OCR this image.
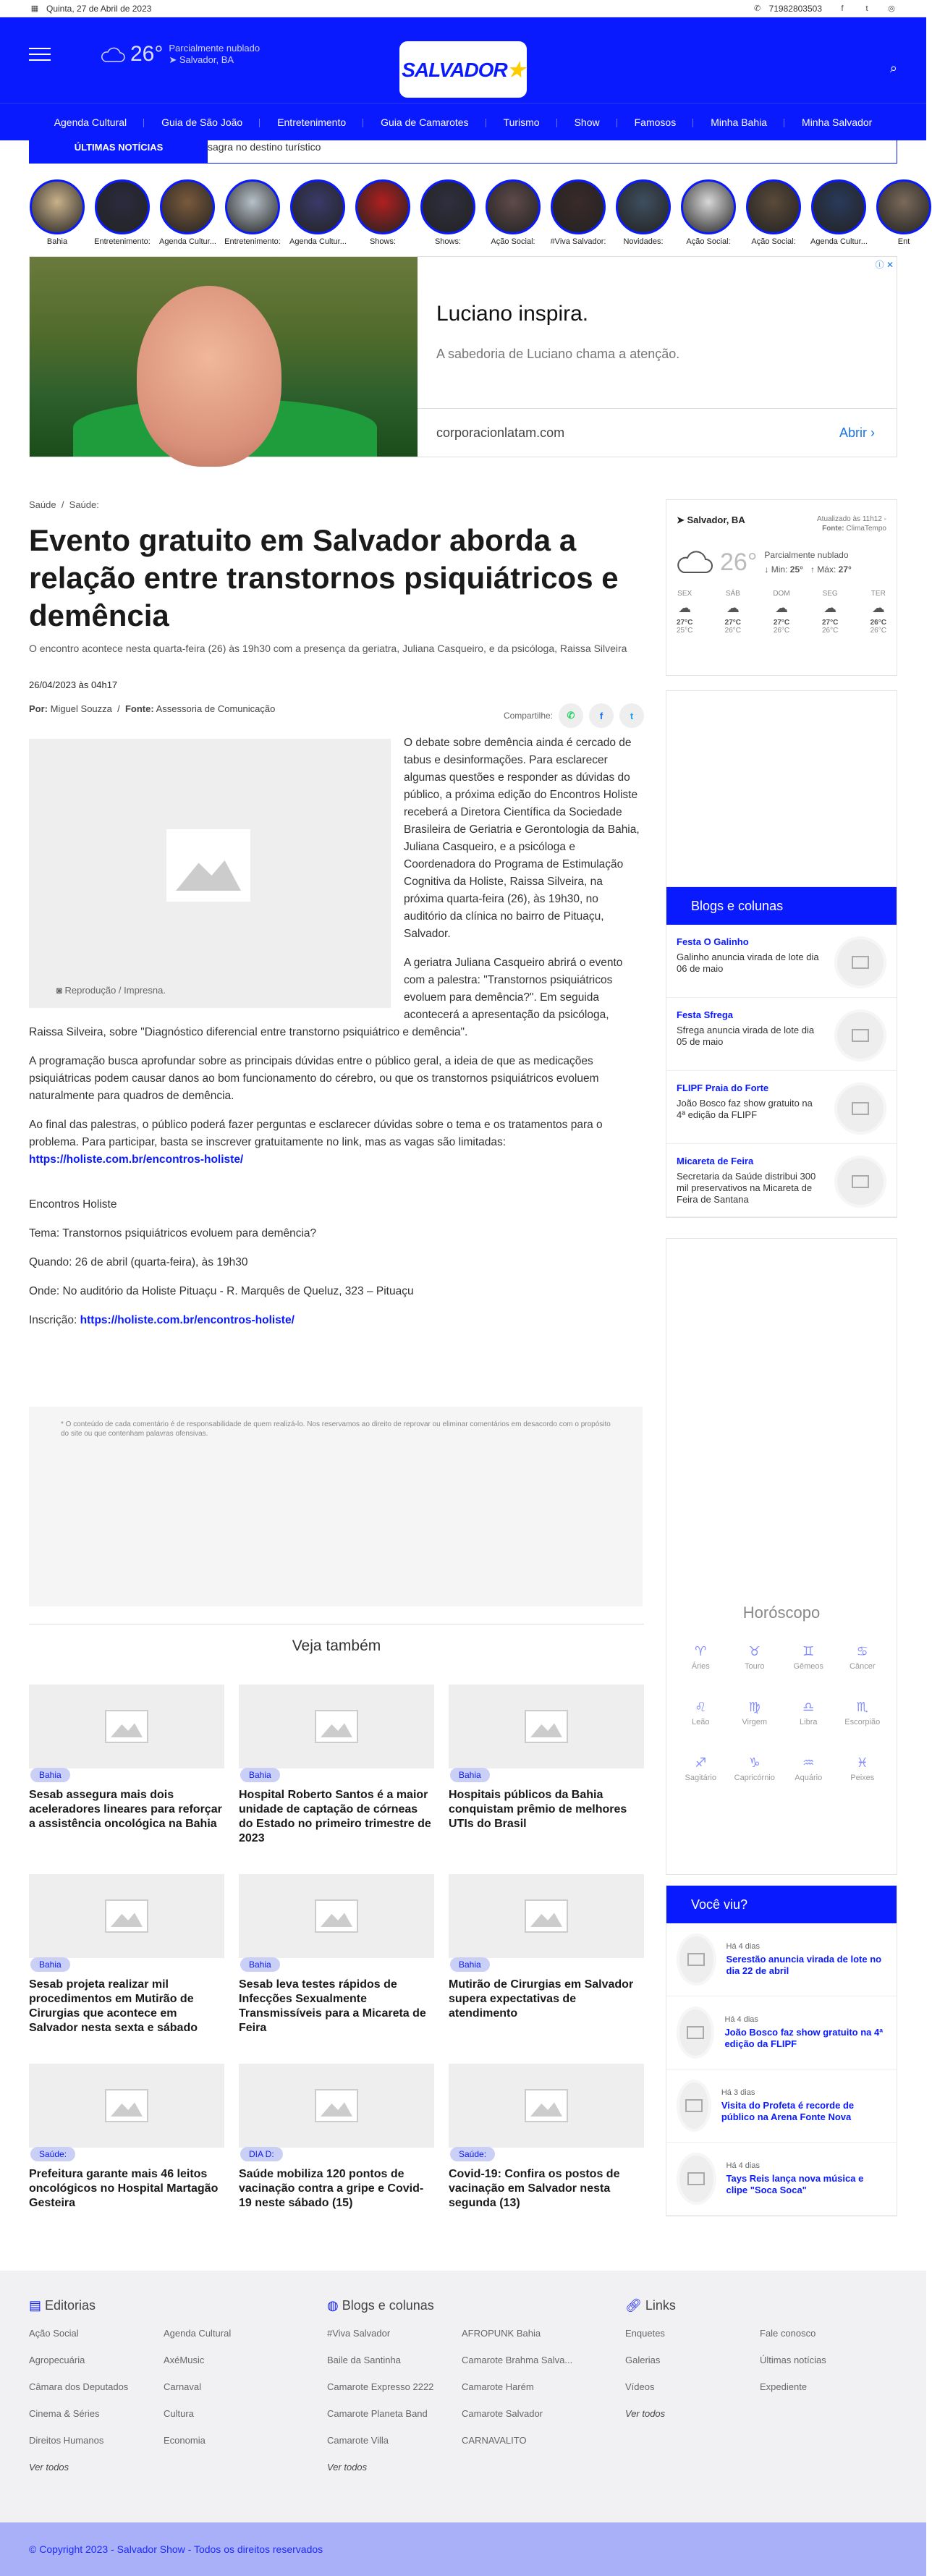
▦ Quinta, 27 de Abril de 2023	✆ 71982803503	f	t	◎
26° Parcialmente nublado
➤ Salvador, BA	SALVADOR★	⌕
Agenda Cultural	Guia de São João	Entretenimento	Guia de Camarotes	Turismo	Show	Famosos	Minha Bahia	Minha Salvador
ÚLTIMAS NOTÍCIAS	sagra no destino turístico
Bahia	Entretenimento: Agenda Cultur... Entretenimento: Agenda Cultur...	Shows:	Shows:	Ação Social:	#Viva Salvador:	Novidades:	Ação Social:	Ação Social:	Agenda Cultur...	Ent
ⓘ ✕
Luciano inspira.

A sabedoria de Luciano chama a atenção.

corporacionlatam.com	Abrir ›
Saúde  /  Saúde:
Evento gratuito em Salvador aborda a relação entre transtornos psiquiátricos e demência
O encontro acontece nesta quarta-feira (26) às 19h30 com a presença da geriatra, Juliana Casqueiro, e da psicóloga, Raissa Silveira
26/04/2023 às 04h17
Por: Miguel Souzza  /  Fonte: Assessoria de Comunicação
Compartilhe:	✆	f	t
◙ Reprodução / Impresna.

O debate sobre demência ainda é cercado de tabus e desinformações. Para esclarecer algumas questões e responder as dúvidas do público, a próxima edição do Encontros Holiste receberá a Diretora Científica da Sociedade Brasileira de Geriatria e Gerontologia da Bahia, Juliana Casqueiro, e a psicóloga e Coordenadora do Programa de Estimulação Cognitiva da Holiste, Raissa Silveira, na próxima quarta-feira (26), às 19h30, no auditório da clínica no bairro de Pituaçu, Salvador.

A geriatra Juliana Casqueiro abrirá o evento com a palestra: "Transtornos psiquiátricos evoluem para demência?". Em seguida acontecerá a apresentação da psicóloga, Raissa Silveira, sobre "Diagnóstico diferencial entre transtorno psiquiátrico e demência".

A programação busca aprofundar sobre as principais dúvidas entre o público geral, a ideia de que as medicações psiquiátricas podem causar danos ao bom funcionamento do cérebro, ou que os transtornos psiquiátricos evoluem naturalmente para quadros de demência.

Ao final das palestras, o público poderá fazer perguntas e esclarecer dúvidas sobre o tema e os tratamentos para o problema. Para participar, basta se inscrever gratuitamente no link, mas as vagas são limitadas: https://holiste.com.br/encontros-holiste/

Encontros Holiste

Tema: Transtornos psiquiátricos evoluem para demência?

Quando: 26 de abril (quarta-feira), às 19h30

Onde: No auditório da Holiste Pituaçu - R. Marquês de Queluz, 323 – Pituaçu

Inscrição: https://holiste.com.br/encontros-holiste/

* O conteúdo de cada comentário é de responsabilidade de quem realizá-lo. Nos reservamos ao direito de reprovar ou eliminar comentários em desacordo com o propósito do site ou que contenham palavras ofensivas.

Veja também
Bahia
Sesab assegura mais dois aceleradores lineares para reforçar a assistência oncológica na Bahia
Bahia
Hospital Roberto Santos é a maior unidade de captação de córneas do Estado no primeiro trimestre de 2023
Bahia
Hospitais públicos da Bahia conquistam prêmio de melhores UTIs do Brasil
Bahia
Sesab projeta realizar mil procedimentos em Mutirão de Cirurgias que acontece em Salvador nesta sexta e sábado
Bahia
Sesab leva testes rápidos de Infecções Sexualmente Transmissíveis para a Micareta de Feira
Bahia
Mutirão de Cirurgias em Salvador supera expectativas de atendimento
Saúde:
Prefeitura garante mais 46 leitos oncológicos no Hospital Martagão Gesteira
DIA D:
Saúde mobiliza 120 pontos de vacinação contra a gripe e Covid-19 neste sábado (15)
Saúde:
Covid-19: Confira os postos de vacinação em Salvador nesta segunda (13)
➤ Salvador, BA	Atualizado às 11h12 -
Fonte: ClimaTempo
26° Parcialmente nublado
↓ Min: 25°   ↑ Máx: 27°
SEX
☁
27°C
25°C
SÁB
☁
27°C
26°C
DOM
☁
27°C
26°C
SEG
☁
27°C
26°C
TER
☁
26°C
26°C
Blogs e colunas
Festa O Galinho
Galinho anuncia virada de lote dia 06 de maio
Festa Sfrega
Sfrega anuncia virada de lote dia 05 de maio
FLIPF Praia do Forte
João Bosco faz show gratuito na 4ª edição da FLIPF
Micareta de Feira
Secretaria da Saúde distribui 300 mil preservativos na Micareta de Feira de Santana
Horóscopo
♈︎
Áries
♉︎
Touro
♊︎
Gêmeos
♋︎
Câncer
♌︎
Leão
♍︎
Virgem
♎︎
Libra
♏︎
Escorpião
♐︎
Sagitário
♑︎
Capricórnio
♒︎
Aquário
♓︎
Peixes
Você viu?
Há 4 dias
Serestão anuncia virada de lote no dia 22 de abril
Há 4 dias
João Bosco faz show gratuito na 4ª edição da FLIPF
Há 3 dias
Visita do Profeta é recorde de público na Arena Fonte Nova
Há 4 dias
Tays Reis lança nova música e clipe "Soca Soca"
▤ Editorias
Ação Social	Agenda Cultural
Agropecuária	AxéMusic
Câmara dos Deputados	Carnaval
Cinema & Séries	Cultura
Direitos Humanos	Economia
Ver todos
◍ Blogs e colunas
#Viva Salvador	AFROPUNK Bahia
Baile da Santinha	Camarote Brahma Salva...
Camarote Expresso 2222	Camarote Harém
Camarote Planeta Band	Camarote Salvador
Camarote Villa	CARNAVALITO
Ver todos
🔗︎ Links
Enquetes	Fale conosco
Galerias	Últimas notícias
Vídeos	Expediente
Ver todos
© Copyright 2023 - Salvador Show - Todos os direitos reservados
